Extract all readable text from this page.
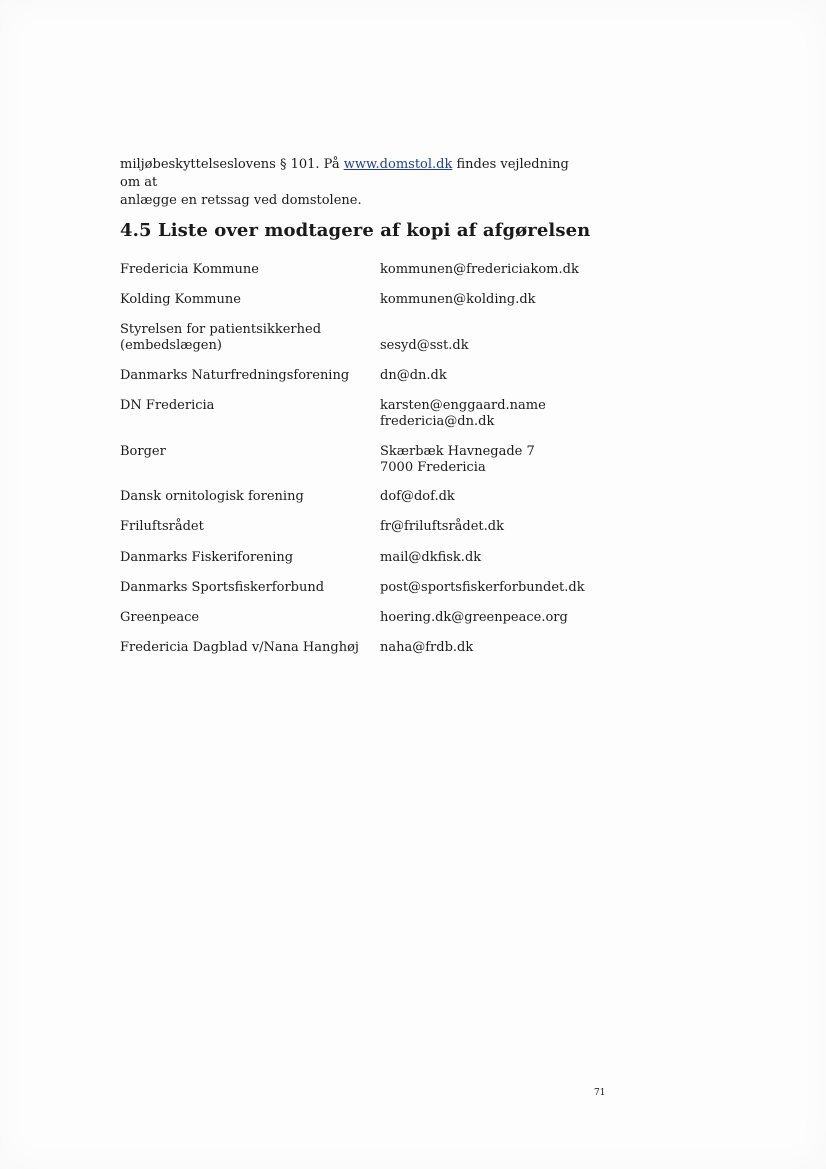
miljøbeskyttelseslovens § 101. På www.domstol.dk findes vejledning om at
anlægge en retssag ved domstolene.
4.5 Liste over modtagere af kopi af afgørelsen
Fredericia Kommune	kommunen@fredericiakom.dk
Kolding Kommune	kommunen@kolding.dk
Styrelsen for patientsikkerhed
(embedslægen)	sesyd@sst.dk
Danmarks Naturfredningsforening	dn@dn.dk
DN Fredericia	karsten@enggaard.name
fredericia@dn.dk
Borger	Skærbæk Havnegade 7
7000 Fredericia
Dansk ornitologisk forening	dof@dof.dk
Friluftsrådet	fr@friluftsrådet.dk
Danmarks Fiskeriforening	mail@dkfisk.dk
Danmarks Sportsfiskerforbund	post@sportsfiskerforbundet.dk
Greenpeace	hoering.dk@greenpeace.org
Fredericia Dagblad v/Nana Hanghøj	naha@frdb.dk
71
